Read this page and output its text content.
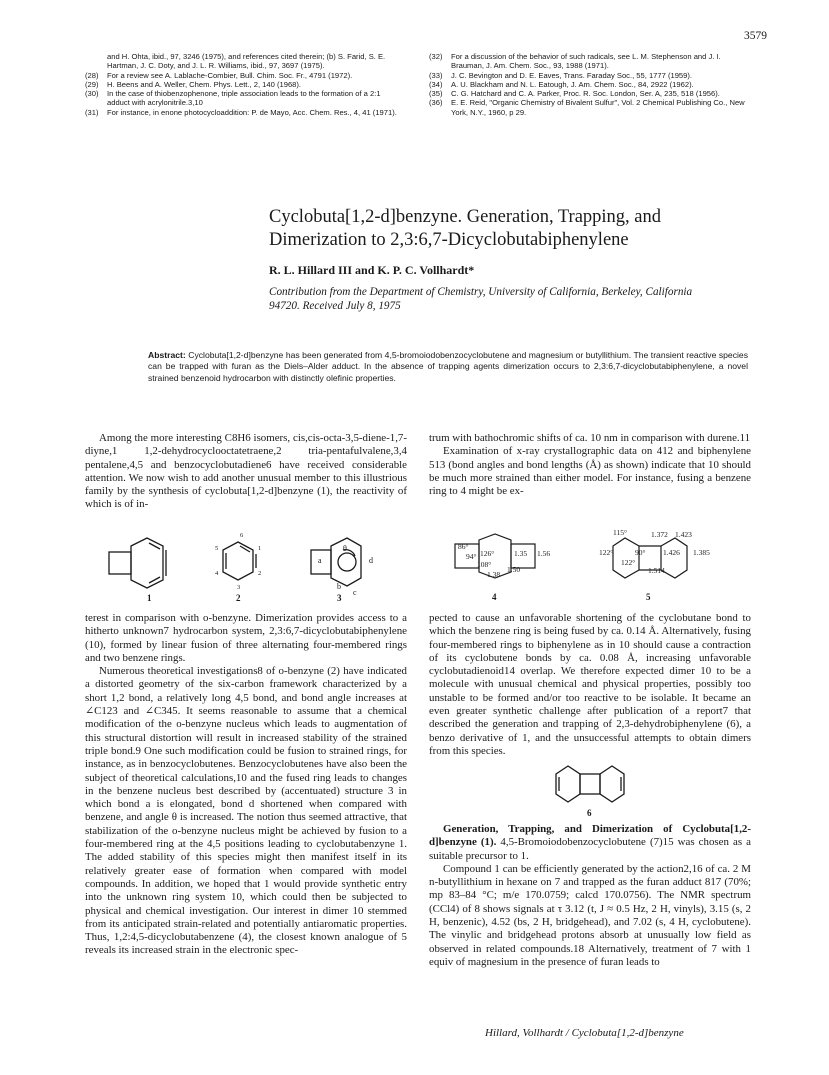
3579
and H. Ohta, ibid., 97, 3246 (1975), and references cited therein; (b) S. Farid, S. E. Hartman, J. C. Doty, and J. L. R. Williams, ibid., 97, 3697 (1975).
(28)	For a review see A. Lablache-Combier, Bull. Chim. Soc. Fr., 4791 (1972).
(29)	H. Beens and A. Weller, Chem. Phys. Lett., 2, 140 (1968).
(30)	In the case of thiobenzophenone, triple association leads to the formation of a 2:1 adduct with acrylonitrile.3,10
(31)	For instance, in enone photocycloaddition: P. de Mayo, Acc. Chem. Res., 4, 41 (1971).
(32)	For a discussion of the behavior of such radicals, see L. M. Stephenson and J. I. Brauman, J. Am. Chem. Soc., 93, 1988 (1971).
(33)	J. C. Bevington and D. E. Eaves, Trans. Faraday Soc., 55, 1777 (1959).
(34)	A. U. Blackham and N. L. Eatough, J. Am. Chem. Soc., 84, 2922 (1962).
(35)	C. G. Hatchard and C. A. Parker, Proc. R. Soc. London, Ser. A, 235, 518 (1956).
(36)	E. E. Reid, "Organic Chemistry of Bivalent Sulfur", Vol. 2 Chemical Publishing Co., New York, N.Y., 1960, p 29.
Cyclobuta[1,2-d]benzyne. Generation, Trapping, and Dimerization to 2,3:6,7-Dicyclobutabiphenylene
R. L. Hillard III and K. P. C. Vollhardt*
Contribution from the Department of Chemistry, University of California, Berkeley, California 94720. Received July 8, 1975
Abstract: Cyclobuta[1,2-d]benzyne has been generated from 4,5-bromoiodobenzocyclobutene and magnesium or butyllithium. The transient reactive species can be trapped with furan as the Diels–Alder adduct. In the absence of trapping agents dimerization occurs to 2,3:6,7-dicyclobutabiphenylene, a novel strained benzenoid hydrocarbon with distinctly olefinic properties.

Among the more interesting C8H6 isomers, cis,cis-octa-3,5-diene-1,7-diyne,1 1,2-dehydrocyclooctatetraene,2 tria-pentafulvalene,3,4 pentalene,4,5 and benzocyclobutadiene6 have received considerable attention. We now wish to add another unusual member to this illustrious family by the synthesis of cyclobuta[1,2-d]benzyne (1), the reactivity of which is of in-

trum with bathochromic shifts of ca. 10 nm in comparison with durene.11

Examination of x-ray crystallographic data on 412 and biphenylene 513 (bond angles and bond lengths (Å) as shown) indicate that 10 should be much more strained than either model. For instance, fusing a benzene ring to 4 might be ex-

6
1
2
3
4
5
a
b
c
d
θ
1	2	3
86°
94° 126°
108°
1.35 1.56
1.38
1.50
115°
122°	90°
122°
1.372 1.423
1.426 1.385
1.514
4	5

terest in comparison with o-benzyne. Dimerization provides access to a hitherto unknown7 hydrocarbon system, 2,3:6,7-dicyclobutabiphenylene (10), formed by linear fusion of three alternating four-membered rings and two benzene rings.

Numerous theoretical investigations8 of o-benzyne (2) have indicated a distorted geometry of the six-carbon framework characterized by a short 1,2 bond, a relatively long 4,5 bond, and bond angle increases at ∠C123 and ∠C345. It seems reasonable to assume that a chemical modification of the o-benzyne nucleus which leads to augmentation of this structural distortion will result in increased stability of the strained triple bond.9 One such modification could be fusion to strained rings, for instance, as in benzocyclobutenes. Benzocyclobutenes have also been the subject of theoretical calculations,10 and the fused ring leads to changes in the benzene nucleus best described by (accentuated) structure 3 in which bond a is elongated, bond d shortened when compared with benzene, and angle θ is increased. The notion thus seemed attractive, that stabilization of the o-benzyne nucleus might be achieved by fusion to a four-membered ring at the 4,5 positions leading to cyclobutabenzyne 1. The added stability of this species might then manifest itself in its relatively greater ease of formation when compared with model compounds. In addition, we hoped that 1 would provide synthetic entry into the unknown ring system 10, which could then be subjected to physical and chemical investigation. Our interest in dimer 10 stemmed from its anticipated strain-related and potentially antiaromatic properties. Thus, 1,2:4,5-dicyclobutabenzene (4), the closest known analogue of 5 reveals its increased strain in the electronic spec-

pected to cause an unfavorable shortening of the cyclobutane bond to which the benzene ring is being fused by ca. 0.14 Å. Alternatively, fusing four-membered rings to biphenylene as in 10 should cause a contraction of its cyclobutene bonds by ca. 0.08 Å, increasing unfavorable cyclobutadienoid14 overlap. We therefore expected dimer 10 to be a molecule with unusual chemical and physical properties, possibly too unstable to be formed and/or too reactive to be isolable. It became an even greater synthetic challenge after publication of a report7 that described the generation and trapping of 2,3-dehydrobiphenylene (6), a benzo derivative of 1, and the unsuccessful attempts to obtain dimers from this species.

6

Generation, Trapping, and Dimerization of Cyclobuta[1,2-d]benzyne (1). 4,5-Bromoiodobenzocyclobutene (7)15 was chosen as a suitable precursor to 1.

Compound 1 can be efficiently generated by the action2,16 of ca. 2 M n-butyllithium in hexane on 7 and trapped as the furan adduct 817 (70%; mp 83–84 °C; m/e 170.0759; calcd 170.0756). The NMR spectrum (CCl4) of 8 shows signals at τ 3.12 (t, J ≈ 0.5 Hz, 2 H, vinyls), 3.15 (s, 2 H, benzenic), 4.52 (bs, 2 H, bridgehead), and 7.02 (s, 4 H, cyclobutene). The vinylic and bridgehead protons absorb at unusually low field as observed in related compounds.18 Alternatively, treatment of 7 with 1 equiv of magnesium in the presence of furan leads to

Hillard, Vollhardt / Cyclobuta[1,2-d]benzyne
